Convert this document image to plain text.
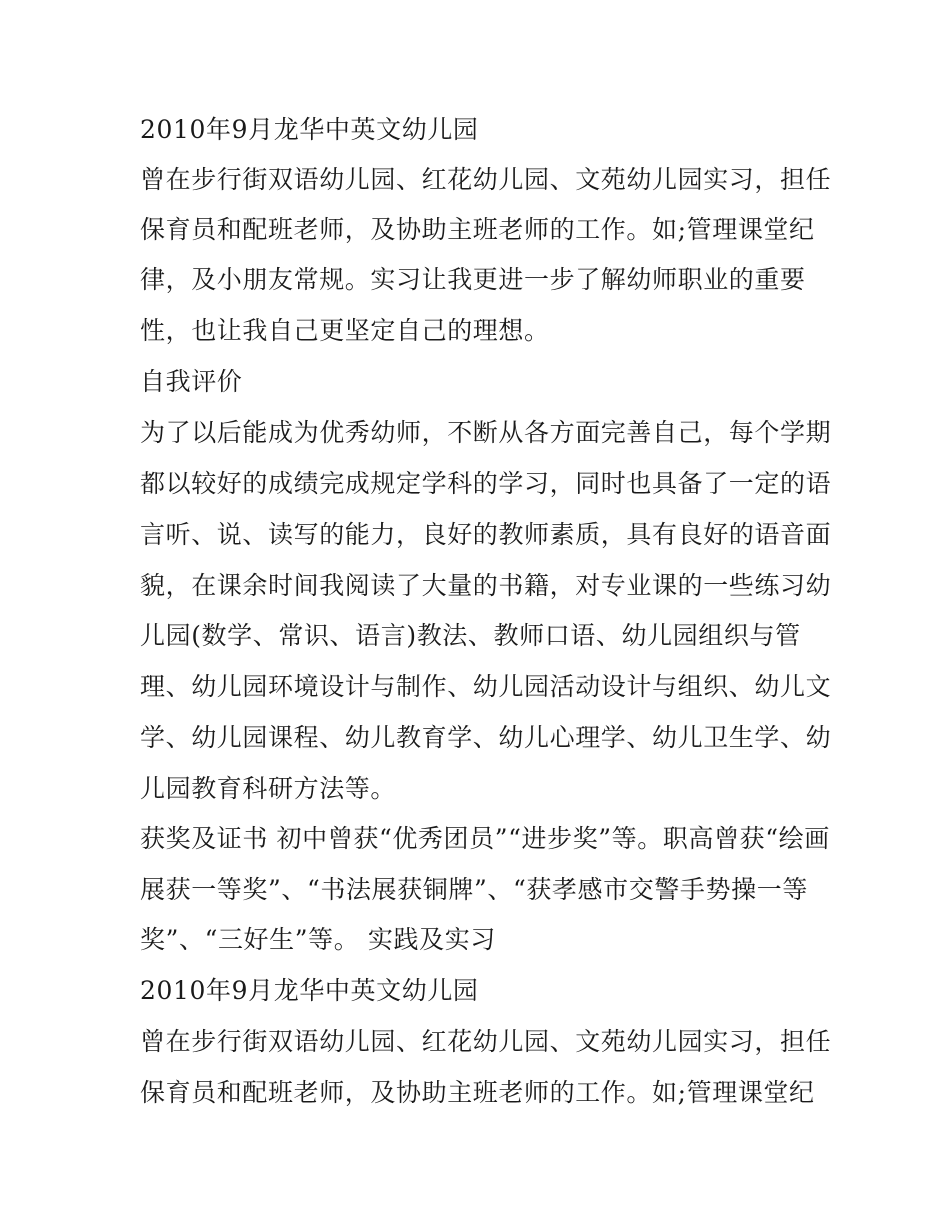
2010年9月龙华中英文幼儿园

曾在步行街双语幼儿园、红花幼儿园、文苑幼儿园实习，担任

保育员和配班老师，及协助主班老师的工作。如;管理课堂纪

律，及小朋友常规。实习让我更进一步了解幼师职业的重要

性，也让我自己更坚定自己的理想。

自我评价

为了以后能成为优秀幼师，不断从各方面完善自己，每个学期

都以较好的成绩完成规定学科的学习，同时也具备了一定的语

言听、说、读写的能力，良好的教师素质，具有良好的语音面

貌，在课余时间我阅读了大量的书籍，对专业课的一些练习幼

儿园(数学、常识、语言)教法、教师口语、幼儿园组织与管

理、幼儿园环境设计与制作、幼儿园活动设计与组织、幼儿文

学、幼儿园课程、幼儿教育学、幼儿心理学、幼儿卫生学、幼

儿园教育科研方法等。

获奖及证书 初中曾获“优秀团员”“进步奖”等。职高曾获“绘画

展获一等奖”、“书法展获铜牌”、“获孝感市交警手势操一等

奖”、“三好生”等。 实践及实习

2010年9月龙华中英文幼儿园

曾在步行街双语幼儿园、红花幼儿园、文苑幼儿园实习，担任

保育员和配班老师，及协助主班老师的工作。如;管理课堂纪
